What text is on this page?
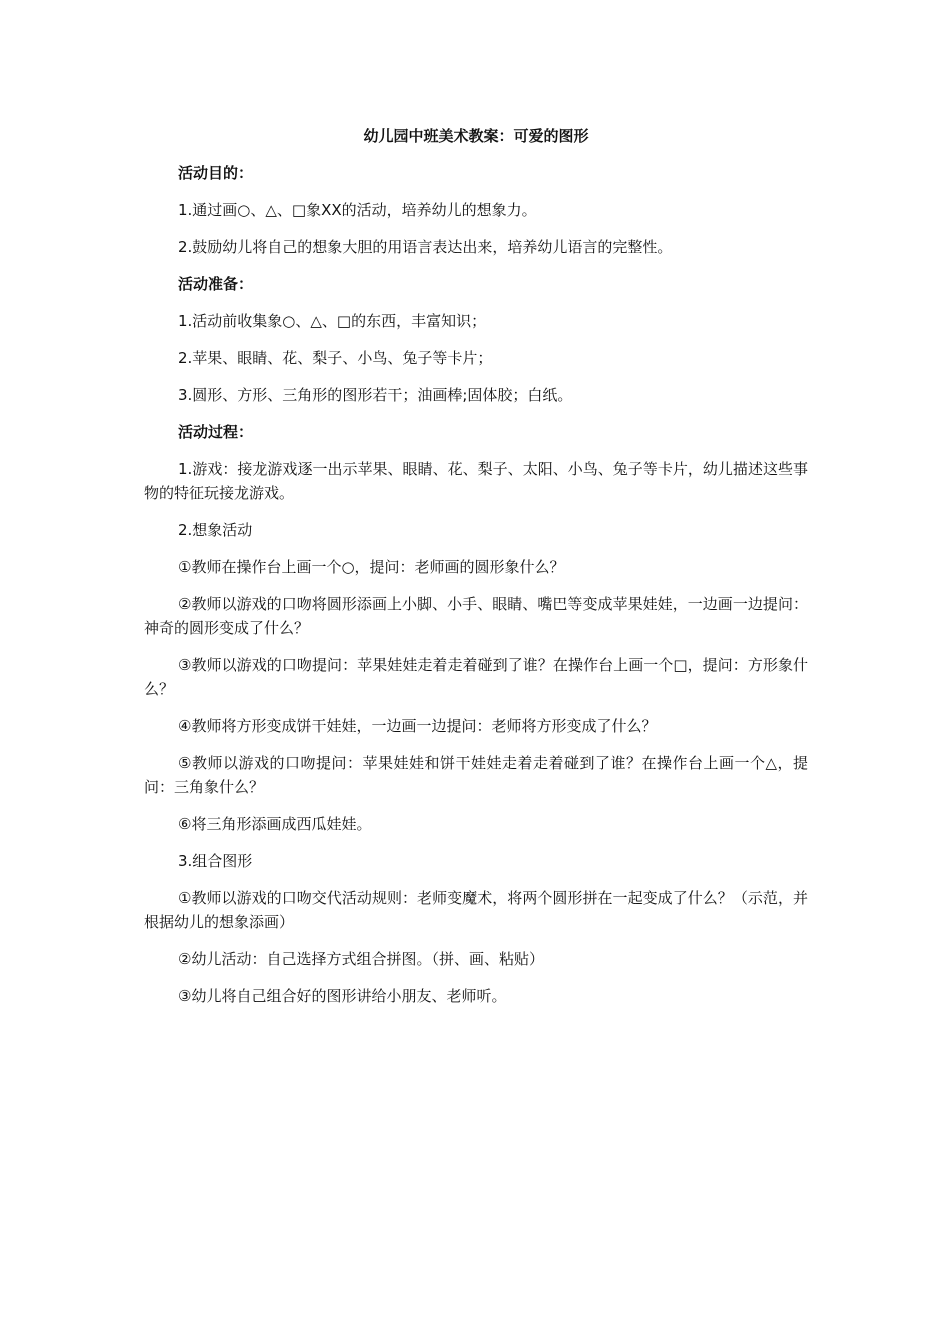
幼儿园中班美术教案：可爱的图形
活动目的：
1.通过画○、△、□象XX的活动，培养幼儿的想象力。
2.鼓励幼儿将自己的想象大胆的用语言表达出来，培养幼儿语言的完整性。
活动准备：
1.活动前收集象○、△、□的东西，丰富知识；
2.苹果、眼睛、花、梨子、小鸟、兔子等卡片；
3.圆形、方形、三角形的图形若干；油画棒;固体胶；白纸。
活动过程：
1.游戏：接龙游戏逐一出示苹果、眼睛、花、梨子、太阳、小鸟、兔子等卡片，幼儿描述这些事物的特征玩接龙游戏。
2.想象活动
①教师在操作台上画一个○，提问：老师画的圆形象什么？
②教师以游戏的口吻将圆形添画上小脚、小手、眼睛、嘴巴等变成苹果娃娃，一边画一边提问：神奇的圆形变成了什么？
③教师以游戏的口吻提问：苹果娃娃走着走着碰到了谁？在操作台上画一个□，提问：方形象什么？
④教师将方形变成饼干娃娃，一边画一边提问：老师将方形变成了什么？
⑤教师以游戏的口吻提问：苹果娃娃和饼干娃娃走着走着碰到了谁？在操作台上画一个△，提问：三角象什么？
⑥将三角形添画成西瓜娃娃。
3.组合图形
①教师以游戏的口吻交代活动规则：老师变魔术，将两个圆形拼在一起变成了什么？（示范，并根据幼儿的想象添画）
②幼儿活动：自己选择方式组合拼图。（拼、画、粘贴）
③幼儿将自己组合好的图形讲给小朋友、老师听。
